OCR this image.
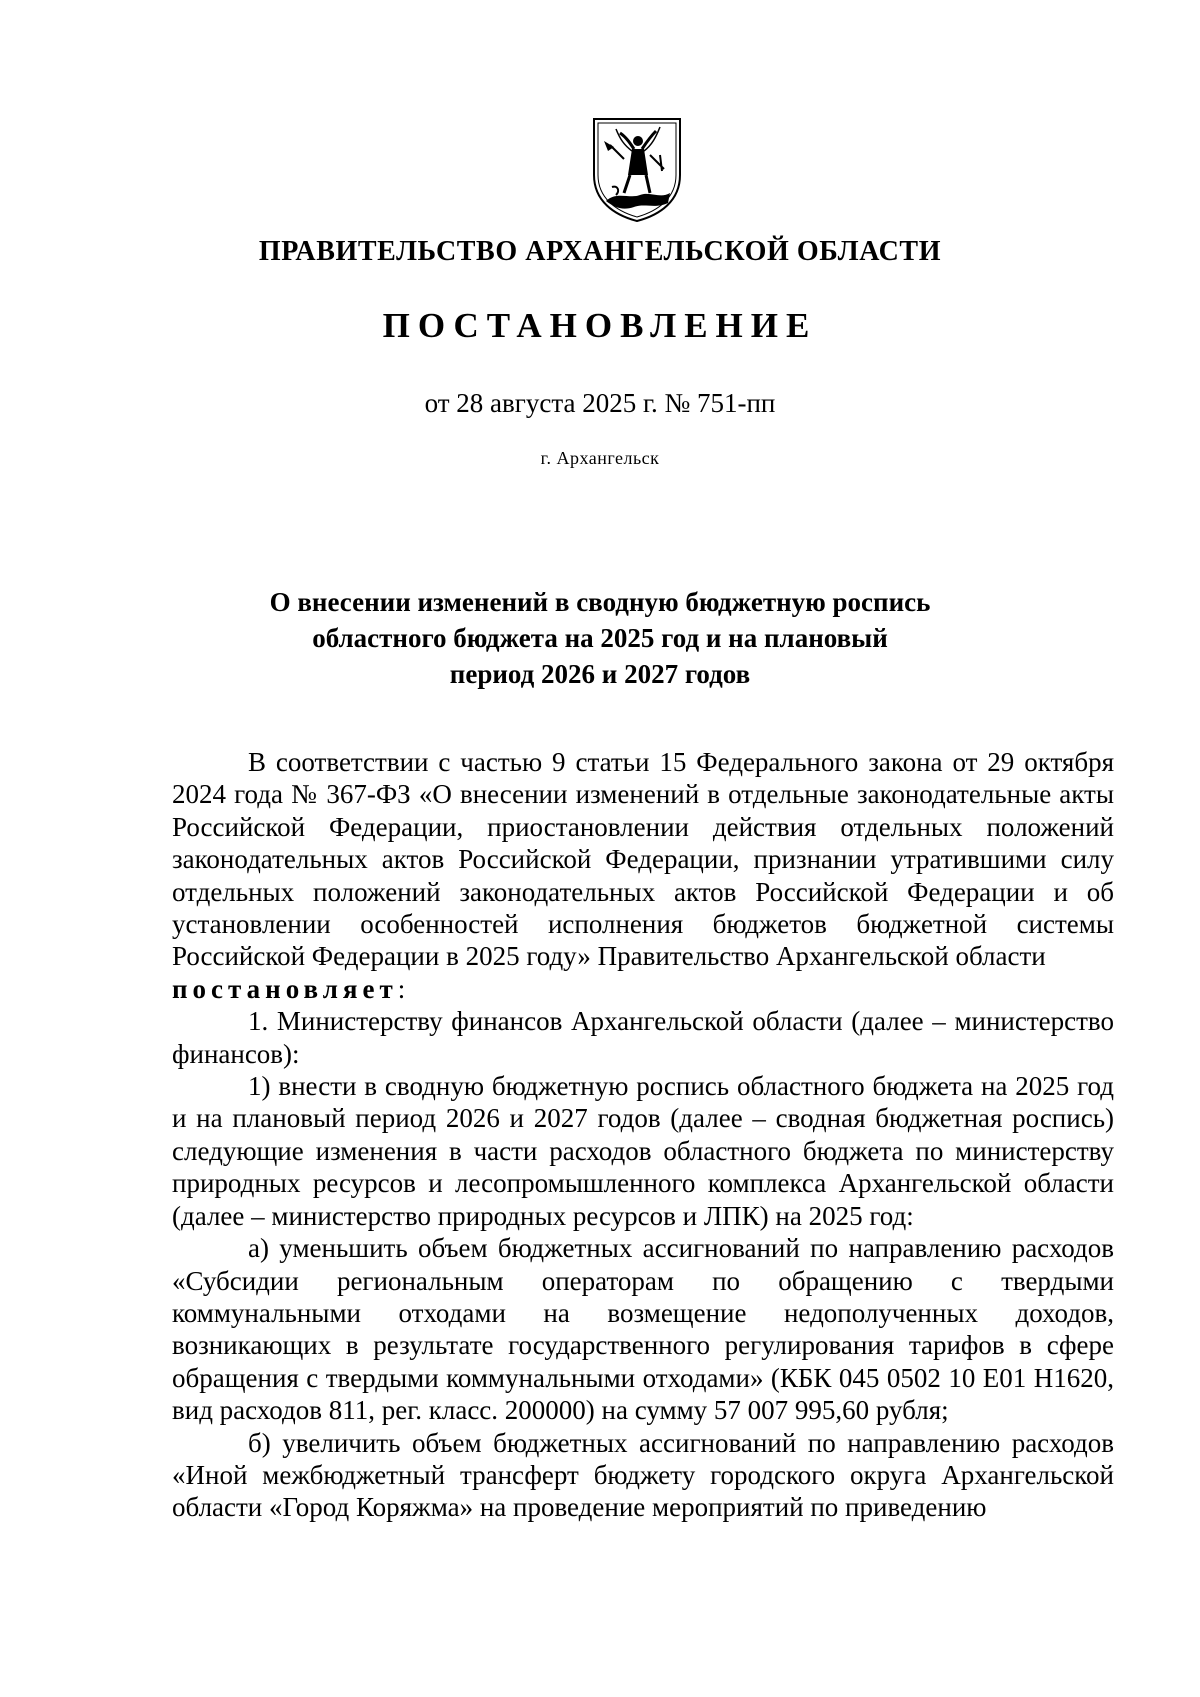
ПРАВИТЕЛЬСТВО АРХАНГЕЛЬСКОЙ ОБЛАСТИ
ПОСТАНОВЛЕНИЕ
от 28 августа 2025 г. № 751-пп
г. Архангельск
О внесении изменений в сводную бюджетную роспись
областного бюджета на 2025 год и на плановый
период 2026 и 2027 годов

В соответствии с частью 9 статьи 15 Федерального закона от 29 октября 2024 года № 367-ФЗ «О внесении изменений в отдельные законодательные акты Российской Федерации, приостановлении действия отдельных положений законодательных актов Российской Федерации, признании утратившими силу отдельных положений законодательных актов Российской Федерации и об установлении особенностей исполнения бюджетов бюджетной системы Российской Федерации в 2025 году» Правительство Архангельской области

постановляет:

1. Министерству финансов Архангельской области (далее – министерство финансов):

1) внести в сводную бюджетную роспись областного бюджета на 2025 год и на плановый период 2026 и 2027 годов (далее – сводная бюджетная роспись) следующие изменения в части расходов областного бюджета по министерству природных ресурсов и лесопромышленного комплекса Архангельской области (далее – министерство природных ресурсов и ЛПК) на 2025 год:

а) уменьшить объем бюджетных ассигнований по направлению расходов «Субсидии региональным операторам по обращению с твердыми коммунальными отходами на возмещение недополученных доходов, возникающих в результате государственного регулирования тарифов в сфере обращения с твердыми коммунальными отходами» (КБК 045 0502 10 Е01 Н1620, вид расходов 811, рег. класс. 200000) на сумму 57 007 995,60 рубля;

б) увеличить объем бюджетных ассигнований по направлению расходов «Иной межбюджетный трансферт бюджету городского округа Архангельской области «Город Коряжма» на проведение мероприятий по приведению
